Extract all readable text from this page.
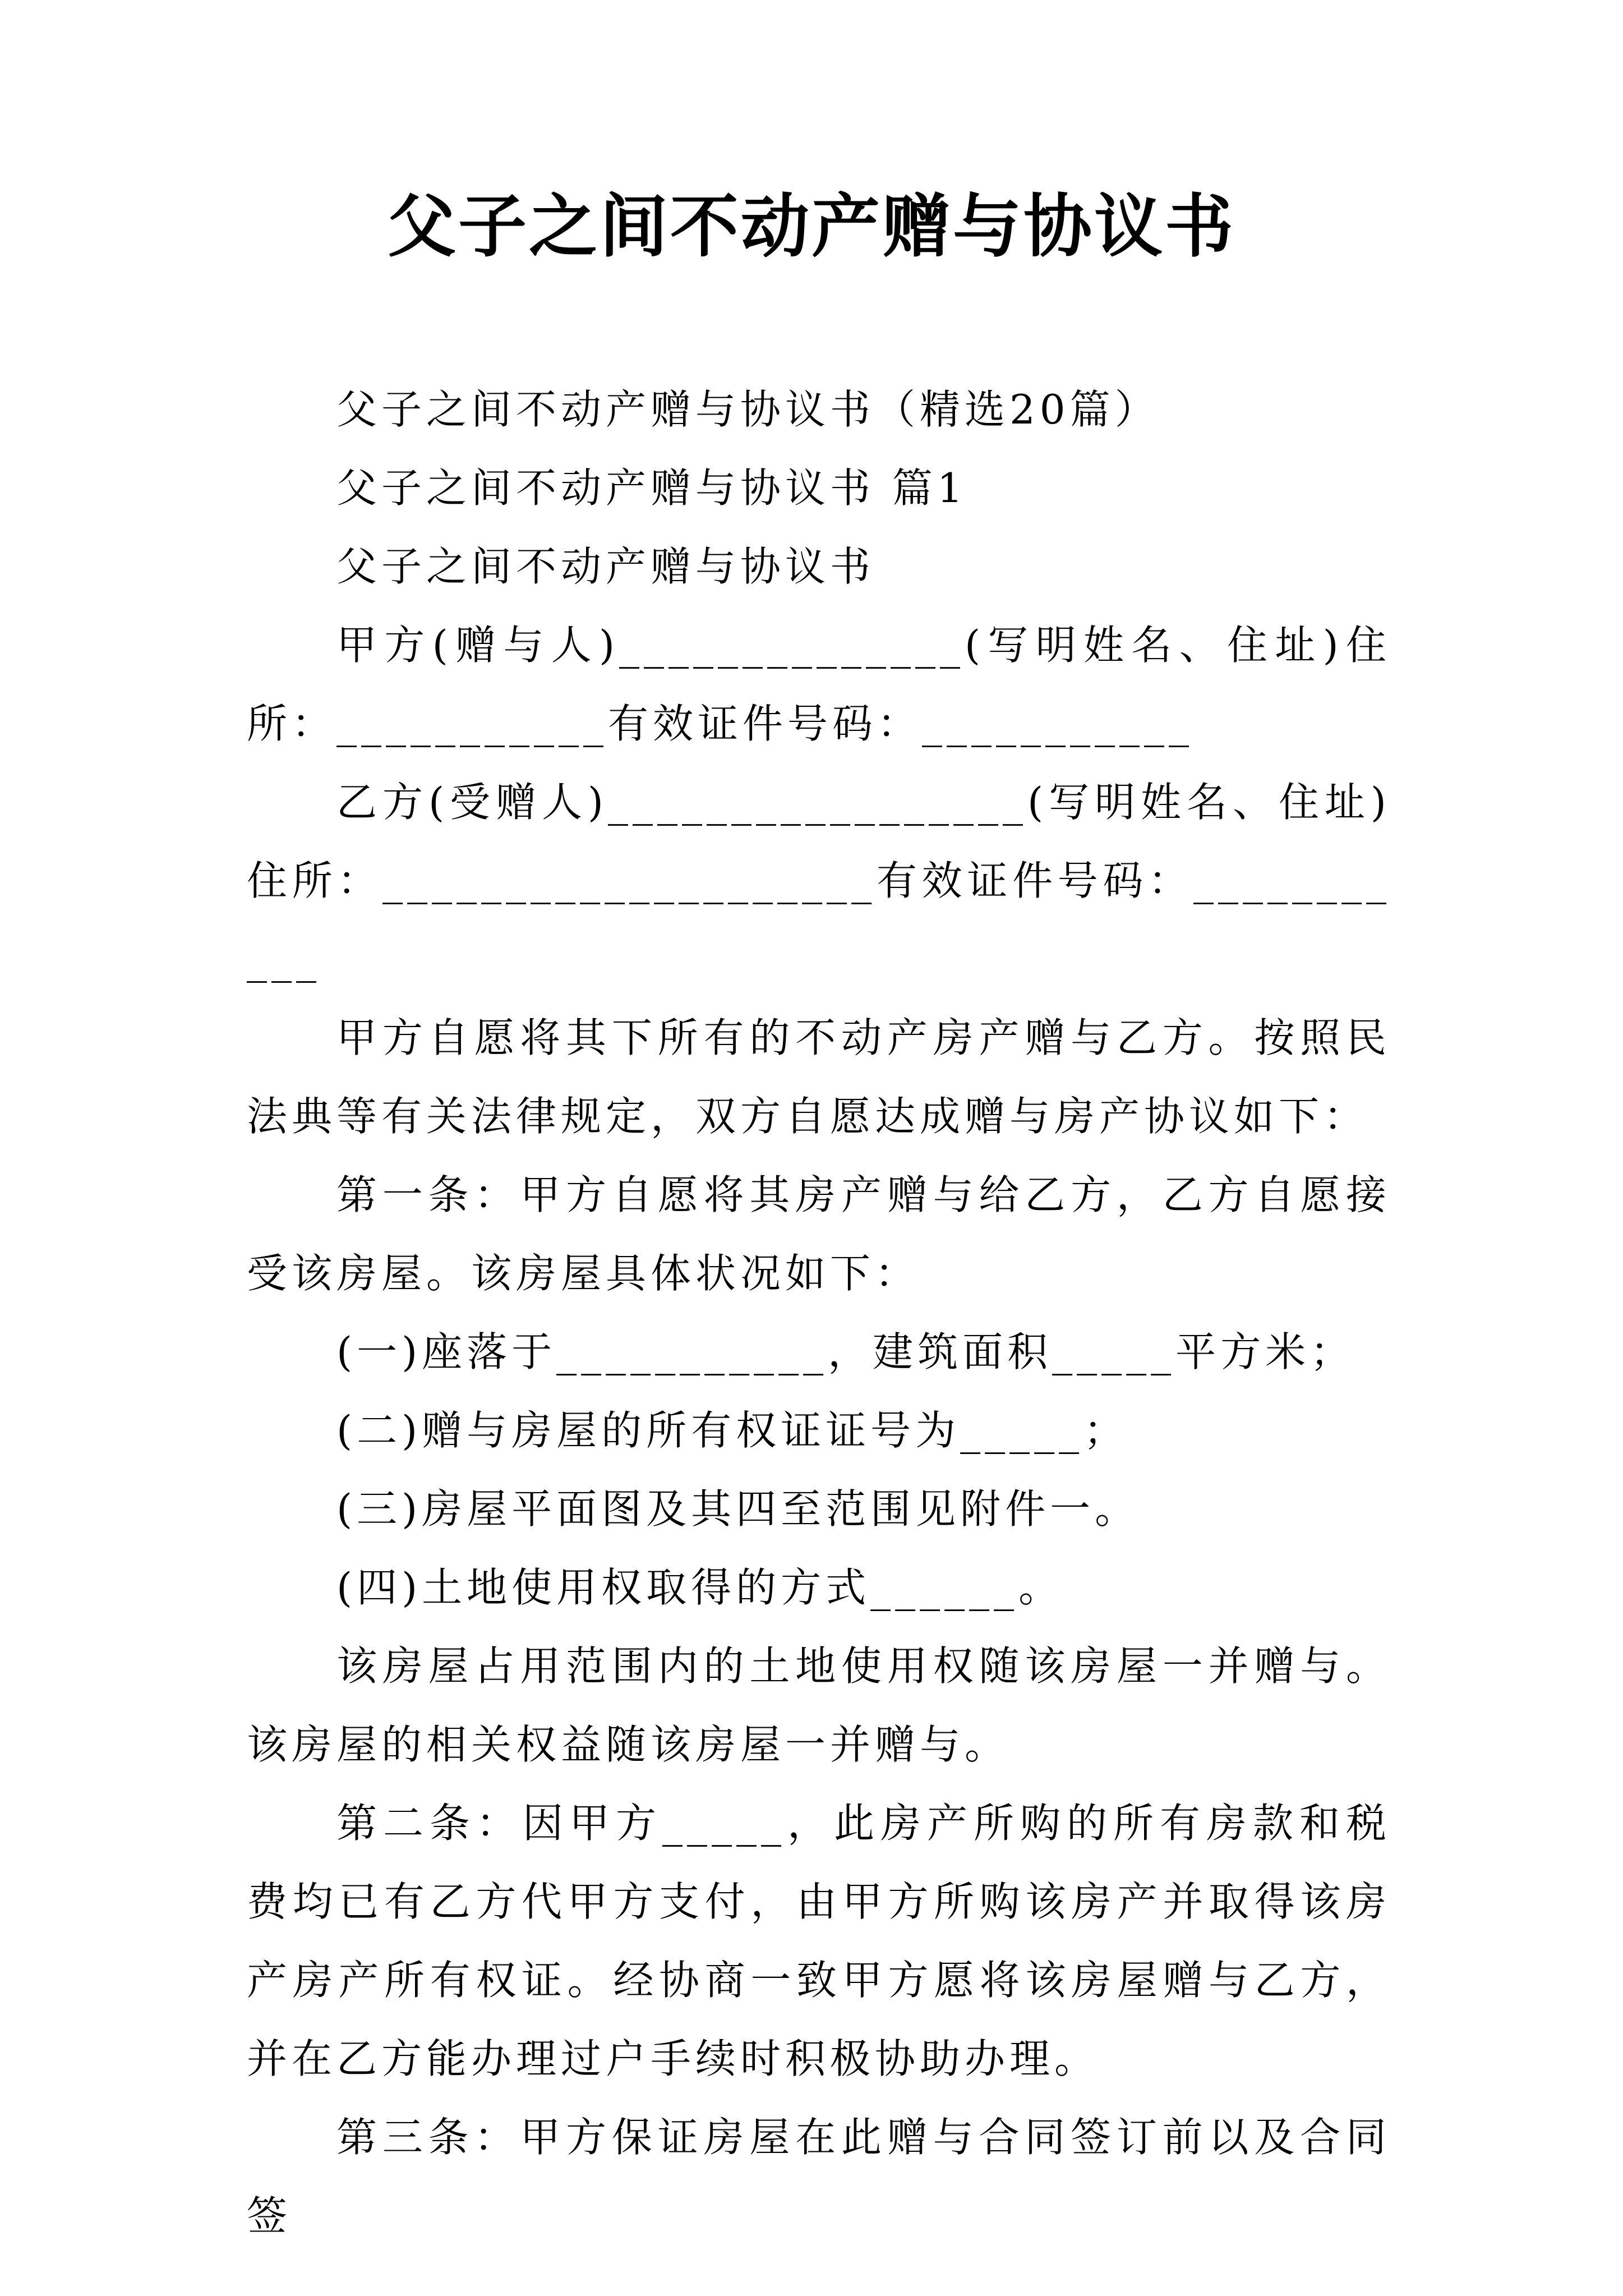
父子之间不动产赠与协议书

父子之间不动产赠与协议书（精选20篇）

父子之间不动产赠与协议书 篇1

父子之间不动产赠与协议书

甲方(赠与人)______________(写明姓名、住址)住所：___________有效证件号码：___________

乙方(受赠人)_________________(写明姓名、住址)住所：____________________有效证件号码：___________

甲方自愿将其下所有的不动产房产赠与乙方。按照民法典等有关法律规定，双方自愿达成赠与房产协议如下：

第一条：甲方自愿将其房产赠与给乙方，乙方自愿接受该房屋。该房屋具体状况如下：

(一)座落于___________，建筑面积_____平方米；

(二)赠与房屋的所有权证证号为_____；

(三)房屋平面图及其四至范围见附件一。

(四)土地使用权取得的方式______。

该房屋占用范围内的土地使用权随该房屋一并赠与。该房屋的相关权益随该房屋一并赠与。

第二条：因甲方_____，此房产所购的所有房款和税费均已有乙方代甲方支付，由甲方所购该房产并取得该房产房产所有权证。经协商一致甲方愿将该房屋赠与乙方，并在乙方能办理过户手续时积极协助办理。

第三条：甲方保证房屋在此赠与合同签订前以及合同签
